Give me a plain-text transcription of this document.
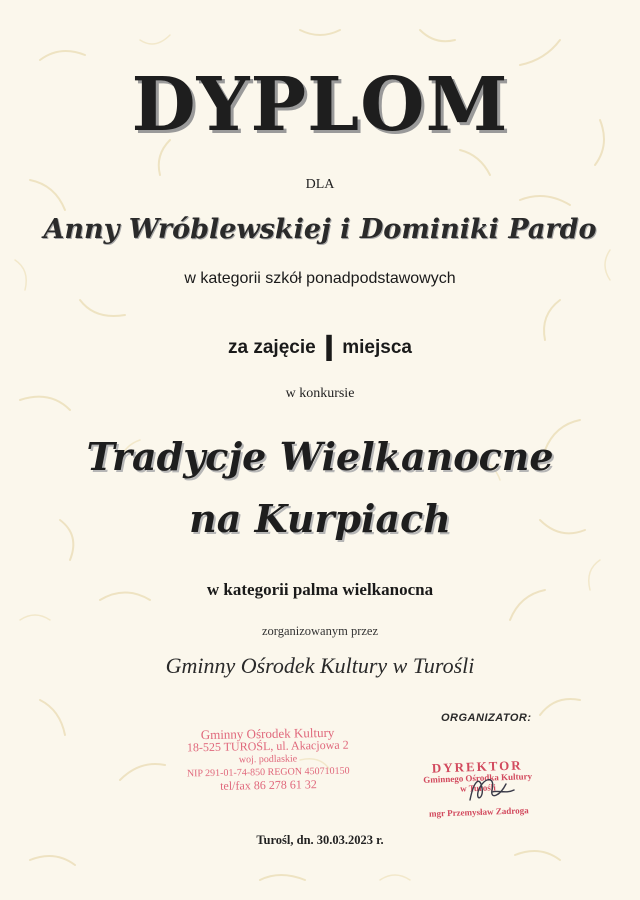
DYPLOM
DLA
Anny Wróblewskiej i Dominiki Pardo
w kategorii szkół ponadpodstawowych
za zajęcie I miejsca
w konkursie
Tradycje Wielkanocne
na Kurpiach
w kategorii palma wielkanocna
zorganizowanym przez
Gminny Ośrodek Kultury w Turośli
Gminny Ośrodek Kultury
18-525 TUROŚL, ul. Akacjowa 2
woj. podlaskie
NIP 291-01-74-850 REGON 450710150
tel/fax 86 278 61 32
ORGANIZATOR:
DYREKTOR
Gminnego Ośrodka Kultury
w Turośli
mgr Przemysław Zadroga
Turośl, dn. 30.03.2023 r.
